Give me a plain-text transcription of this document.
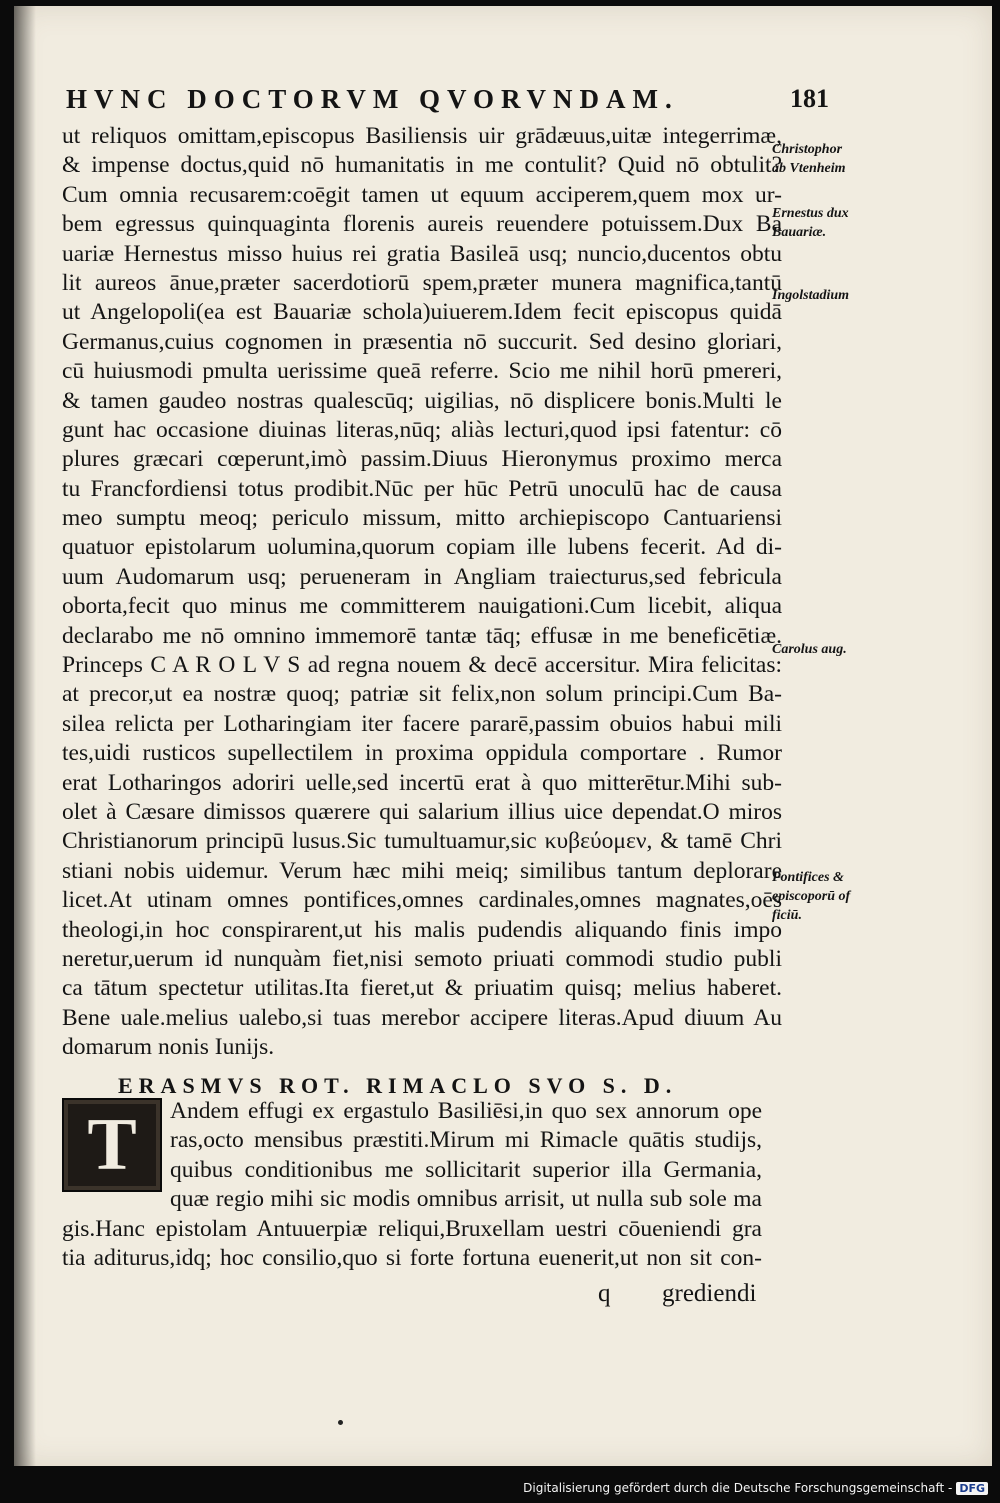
HVNC DOCTORVM QVORVNDAM.	181
ut reliquos omittam,episcopus Basiliensis uir grādæuus,uitæ integerrimæ,
& impense doctus,quid nō humanitatis in me contulit? Quid nō obtulit?
Cum omnia recusarem:coēgit tamen ut equum acciperem,quem mox ur-
bem egressus quinquaginta florenis aureis reuendere potuissem.Dux Ba
uariæ Hernestus misso huius rei gratia Basileā usq; nuncio,ducentos obtu
lit aureos ānue,præter sacerdotiorū spem,præter munera magnifica,tantū
ut Angelopoli(ea est Bauariæ schola)uiuerem.Idem fecit episcopus quidā
Germanus,cuius cognomen in præsentia nō succurit. Sed desino gloriari,
cū huiusmodi pmulta uerissime queā referre. Scio me nihil horū pmereri,
& tamen gaudeo nostras qualescūq; uigilias, nō displicere bonis.Multi le
gunt hac occasione diuinas literas,nūq; aliàs lecturi,quod ipsi fatentur: cō
plures græcari cœperunt,imò passim.Diuus Hieronymus proximo merca
tu Francfordiensi totus prodibit.Nūc per hūc Petrū unoculū hac de causa
meo sumptu meoq; periculo missum, mitto archiepiscopo Cantuariensi
quatuor epistolarum uolumina,quorum copiam ille lubens fecerit. Ad di-
uum Audomarum usq; perueneram in Angliam traiecturus,sed febricula
oborta,fecit quo minus me committerem nauigationi.Cum licebit, aliqua
declarabo me nō omnino immemorē tantæ tāq; effusæ in me beneficētiæ.
Princeps C A R O L V S ad regna nouem & decē accersitur. Mira felicitas:
at precor,ut ea nostræ quoq; patriæ sit felix,non solum principi.Cum Ba-
silea relicta per Lotharingiam iter facere pararē,passim obuios habui mili
tes,uidi rusticos supellectilem in proxima oppidula comportare . Rumor
erat Lotharingos adoriri uelle,sed incertū erat à quo mitterētur.Mihi sub-
olet à Cæsare dimissos quærere qui salarium illius uice dependat.O miros
Christianorum principū lusus.Sic tumultuamur,sic κυβεύομεν, & tamē Chri
stiani nobis uidemur. Verum hæc mihi meiq; similibus tantum deplorare
licet.At utinam omnes pontifices,omnes cardinales,omnes magnates,oēs
theologi,in hoc conspirarent,ut his malis pudendis aliquando finis impo
neretur,uerum id nunquàm fiet,nisi semoto priuati commodi studio publi
ca tātum spectetur utilitas.Ita fieret,ut & priuatim quisq; melius haberet.
Bene uale.melius ualebo,si tuas merebor accipere literas.Apud diuum Au
domarum nonis Iunijs.
Christophor
ab Vtenheim
Ernestus dux
Bauariæ.
Ingolstadium
Carolus aug.
Pontifices &
episcoporū of
ficiū.
ERASMVS ROT. RIMACLO SVO S. D.
T	Andem effugi ex ergastulo Basiliēsi,in quo sex annorum ope
ras,octo mensibus præstiti.Mirum mi Rimacle quātis studijs,
quibus conditionibus me sollicitarit superior illa Germania,
quæ regio mihi sic modis omnibus arrisit, ut nulla sub sole ma
gis.Hanc epistolam Antuuerpiæ reliqui,Bruxellam uestri cōueniendi gra
tia aditurus,idq; hoc consilio,quo si forte fortuna euenerit,ut non sit con-
q grediendi
Digitalisierung gefördert durch die Deutsche Forschungsgemeinschaft - DFG
